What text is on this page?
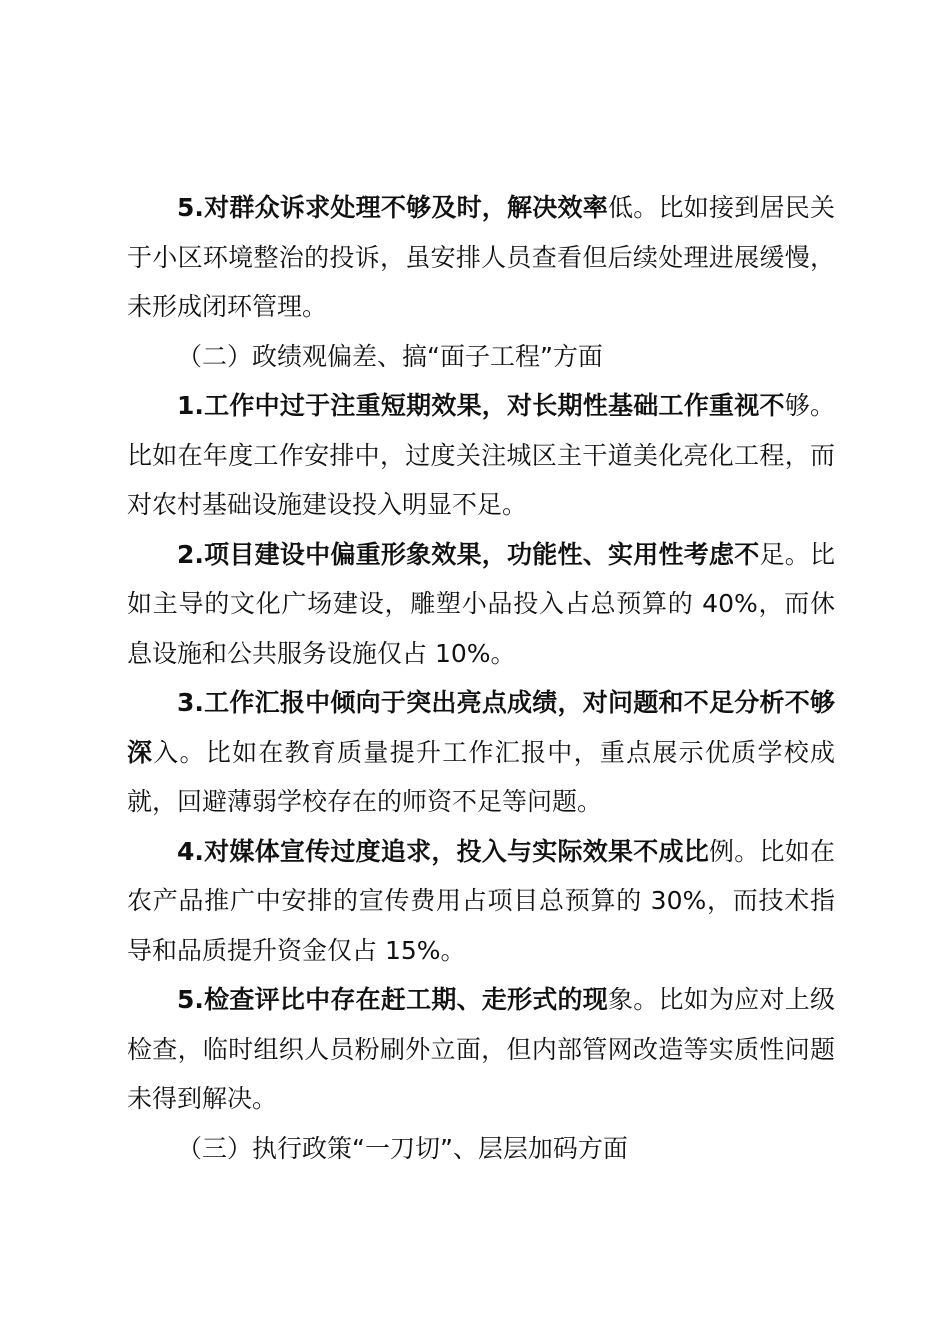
5.对群众诉求处理不够及时，解决效率低。比如接到居民关于小区环境整治的投诉，虽安排人员查看但后续处理进展缓慢，未形成闭环管理。

（二）政绩观偏差、搞“面子工程”方面

1.工作中过于注重短期效果，对长期性基础工作重视不够。比如在年度工作安排中，过度关注城区主干道美化亮化工程，而对农村基础设施建设投入明显不足。

2.项目建设中偏重形象效果，功能性、实用性考虑不足。比如主导的文化广场建设，雕塑小品投入占总预算的 40%，而休息设施和公共服务设施仅占 10%。

3.工作汇报中倾向于突出亮点成绩，对问题和不足分析不够深入。比如在教育质量提升工作汇报中，重点展示优质学校成就，回避薄弱学校存在的师资不足等问题。

4.对媒体宣传过度追求，投入与实际效果不成比例。比如在农产品推广中安排的宣传费用占项目总预算的 30%，而技术指导和品质提升资金仅占 15%。

5.检查评比中存在赶工期、走形式的现象。比如为应对上级检查，临时组织人员粉刷外立面，但内部管网改造等实质性问题未得到解决。

（三）执行政策“一刀切”、层层加码方面
